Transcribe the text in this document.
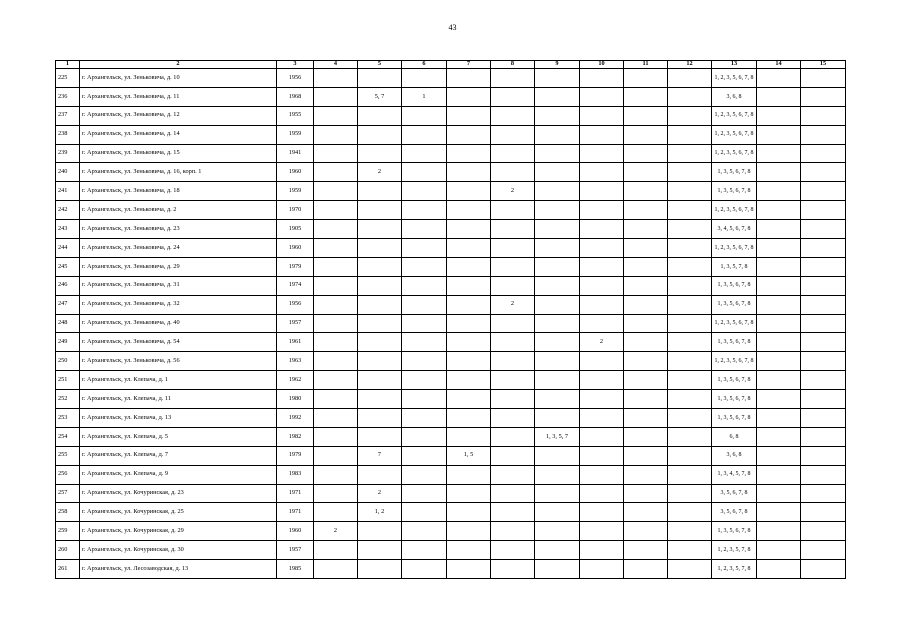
43
1	2	3	4	5	6	7	8	9	10	11	12	13	14	15
225	г. Архангельск, ул. Зеньковича, д. 10	1956										1, 2, 3, 5, 6, 7, 8		
236	г. Архангельск, ул. Зеньковича, д. 11	1968		5, 7	1							3, 6, 8		
237	г. Архангельск, ул. Зеньковича, д. 12	1955										1, 2, 3, 5, 6, 7, 8		
238	г. Архангельск, ул. Зеньковича, д. 14	1959										1, 2, 3, 5, 6, 7, 8		
239	г. Архангельск, ул. Зеньковича, д. 15	1941										1, 2, 3, 5, 6, 7, 8		
240	г. Архангельск, ул. Зеньковича, д. 16, корп. 1	1960		2								1, 3, 5, 6, 7, 8		
241	г. Архангельск, ул. Зеньковича, д. 18	1959					2					1, 3, 5, 6, 7, 8		
242	г. Архангельск, ул. Зеньковича, д. 2	1970										1, 2, 3, 5, 6, 7, 8		
243	г. Архангельск, ул. Зеньковича, д. 23	1905										3, 4, 5, 6, 7, 8		
244	г. Архангельск, ул. Зеньковича, д. 24	1960										1, 2, 3, 5, 6, 7, 8		
245	г. Архангельск, ул. Зеньковича, д. 29	1979										1, 3, 5, 7, 8		
246	г. Архангельск, ул. Зеньковича, д. 31	1974										1, 3, 5, 6, 7, 8		
247	г. Архангельск, ул. Зеньковича, д. 32	1956					2					1, 3, 5, 6, 7, 8		
248	г. Архангельск, ул. Зеньковича, д. 40	1957										1, 2, 3, 5, 6, 7, 8		
249	г. Архангельск, ул. Зеньковича, д. 54	1961							2			1, 3, 5, 6, 7, 8		
250	г. Архангельск, ул. Зеньковича, д. 56	1963										1, 2, 3, 5, 6, 7, 8		
251	г. Архангельск, ул. Клепача, д. 1	1962										1, 3, 5, 6, 7, 8		
252	г. Архангельск, ул. Клепача, д. 11	1980										1, 3, 5, 6, 7, 8		
253	г. Архангельск, ул. Клепача, д. 13	1992										1, 3, 5, 6, 7, 8		
254	г. Архангельск, ул. Клепача, д. 5	1982						1, 3, 5, 7				6, 8		
255	г. Архангельск, ул. Клепача, д. 7	1979		7		1, 5						3, 6, 8		
256	г. Архангельск, ул. Клепача, д. 9	1983										1, 3, 4, 5, 7, 8		
257	г. Архангельск, ул. Кочуринская, д. 23	1971		2								3, 5, 6, 7, 8		
258	г. Архангельск, ул. Кочуринская, д. 25	1971		1, 2								3, 5, 6, 7, 8		
259	г. Архангельск, ул. Кочуринская, д. 29	1960	2									1, 3, 5, 6, 7, 8		
260	г. Архангельск, ул. Кочуринская, д. 30	1957										1, 2, 3, 5, 7, 8		
261	г. Архангельск, ул. Лесозаводская, д. 13	1985										1, 2, 3, 5, 7, 8		
